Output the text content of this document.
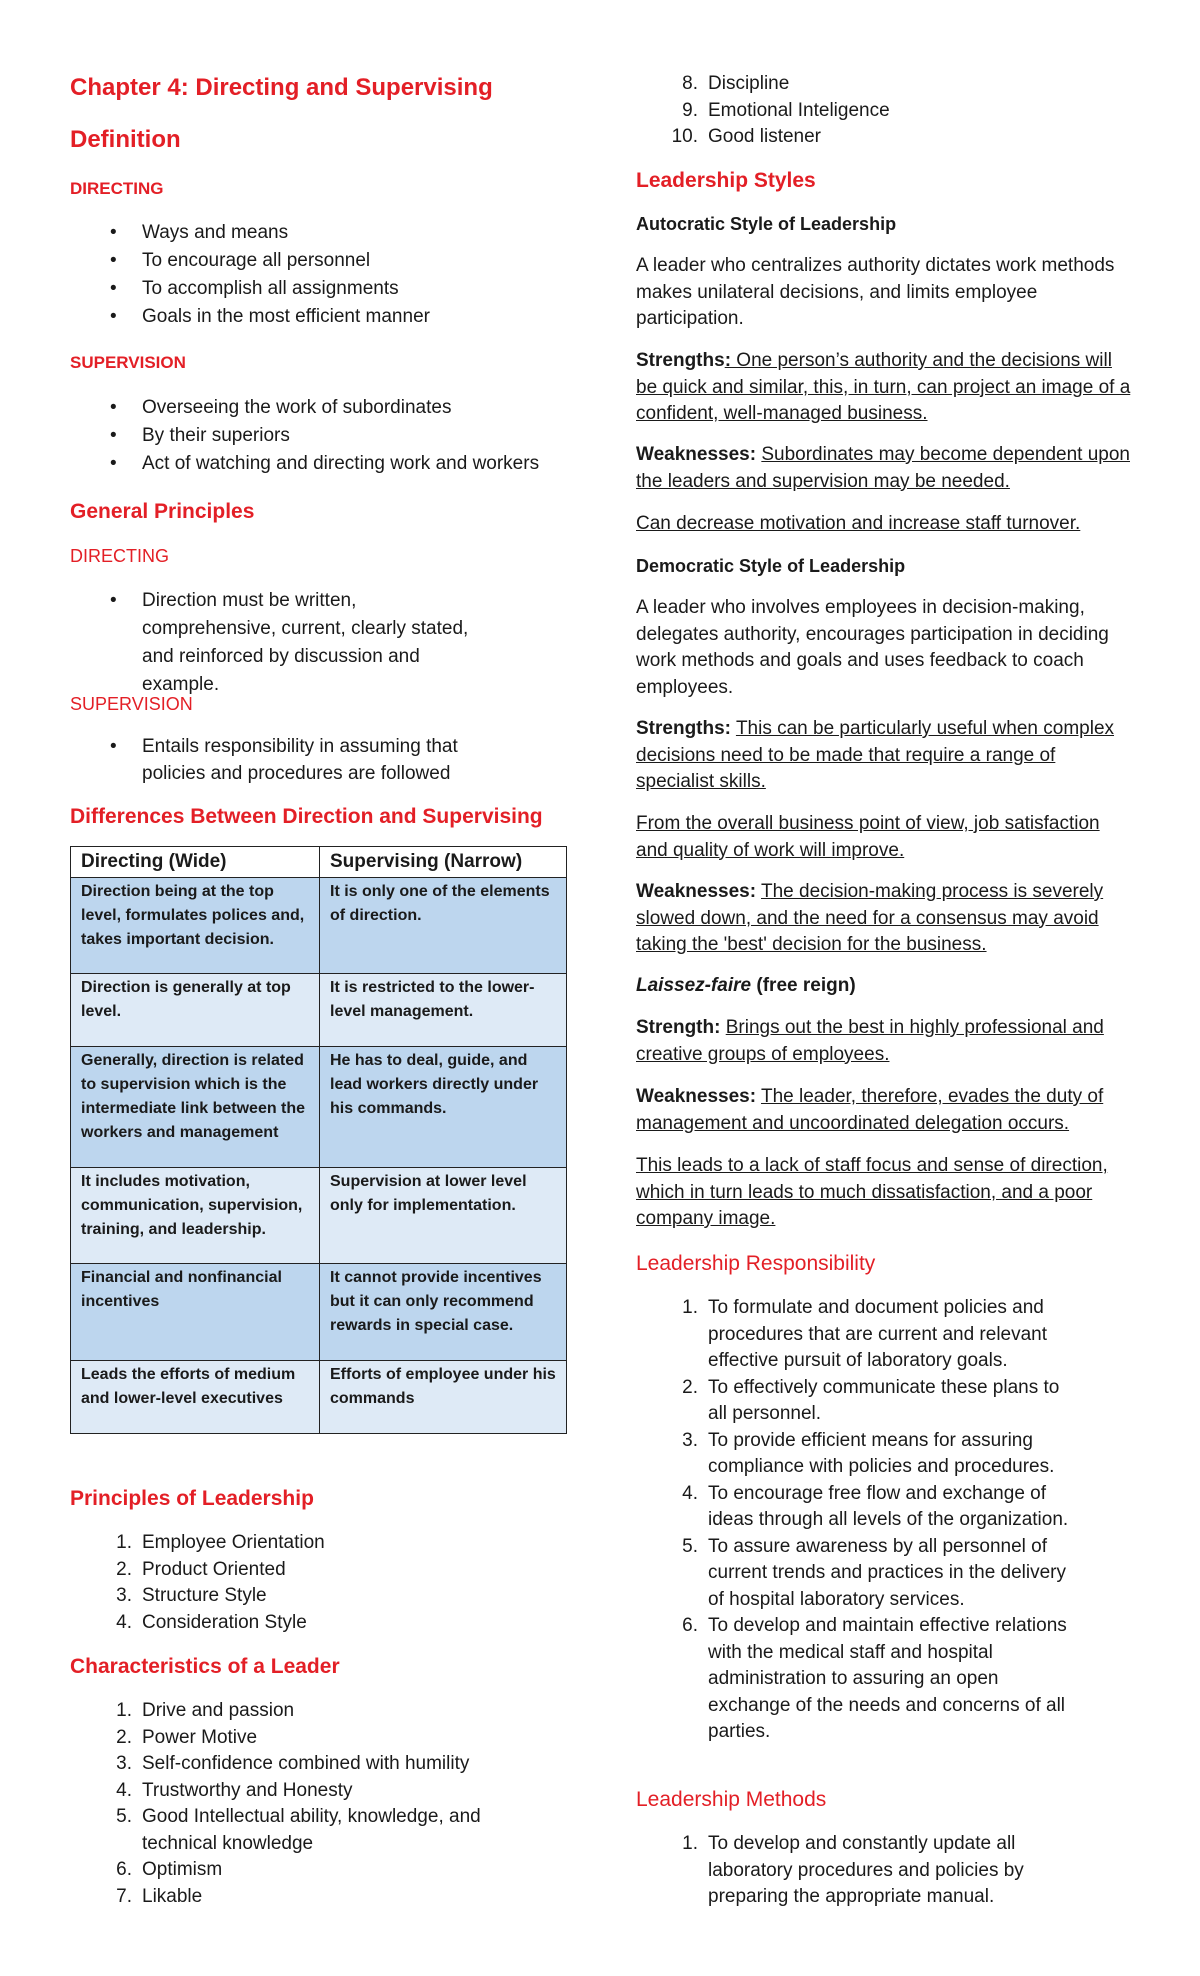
Chapter 4: Directing and Supervising
Definition
DIRECTING
• Ways and means
• To encourage all personnel
• To accomplish all assignments
• Goals in the most efficient manner
SUPERVISION
• Overseeing the work of subordinates
• By their superiors
• Act of watching and directing work and workers
General Principles
DIRECTING
• Direction must be written, comprehensive, current, clearly stated, and reinforced by discussion and example.
SUPERVISION
• Entails responsibility in assuming that policies and procedures are followed
Differences Between Direction and Supervising
Directing (Wide)	Supervising (Narrow)
Direction being at the top level, formulates polices and, takes important decision.	It is only one of the elements of direction.
Direction is generally at top level.	It is restricted to the lower-level management.
Generally, direction is related to supervision which is the intermediate link between the workers and management	He has to deal, guide, and lead workers directly under his commands.
It includes motivation, communication, supervision, training, and leadership.	Supervision at lower level only for implementation.
Financial and nonfinancial incentives	It cannot provide incentives but it can only recommend rewards in special case.
Leads the efforts of medium and lower-level executives	Efforts of employee under his commands
Principles of Leadership
1. Employee Orientation
2. Product Oriented
3. Structure Style
4. Consideration Style
Characteristics of a Leader
1. Drive and passion
2. Power Motive
3. Self-confidence combined with humility
4. Trustworthy and Honesty
5. Good Intellectual ability, knowledge, and technical knowledge
6. Optimism
7. Likable
8. Discipline
9. Emotional Inteligence
10. Good listener
Leadership Styles
Autocratic Style of Leadership

A leader who centralizes authority dictates work methods makes unilateral decisions, and limits employee participation.

Strengths: One person’s authority and the decisions will be quick and similar, this, in turn, can project an image of a confident, well-managed business.

Weaknesses: Subordinates may become dependent upon the leaders and supervision may be needed.

Can decrease motivation and increase staff turnover.

Democratic Style of Leadership

A leader who involves employees in decision-making, delegates authority, encourages participation in deciding work methods and goals and uses feedback to coach employees.

Strengths: This can be particularly useful when complex decisions need to be made that require a range of specialist skills.

From the overall business point of view, job satisfaction and quality of work will improve.

Weaknesses: The decision-making process is severely slowed down, and the need for a consensus may avoid taking the 'best' decision for the business.

Laissez-faire (free reign)

Strength: Brings out the best in highly professional and creative groups of employees.

Weaknesses: The leader, therefore, evades the duty of management and uncoordinated delegation occurs.

This leads to a lack of staff focus and sense of direction, which in turn leads to much dissatisfaction, and a poor company image.

Leadership Responsibility
1. To formulate and document policies and procedures that are current and relevant effective pursuit of laboratory goals.
2. To effectively communicate these plans to all personnel.
3. To provide efficient means for assuring compliance with policies and procedures.
4. To encourage free flow and exchange of ideas through all levels of the organization.
5. To assure awareness by all personnel of current trends and practices in the delivery of hospital laboratory services.
6. To develop and maintain effective relations with the medical staff and hospital administration to assuring an open exchange of the needs and concerns of all parties.
Leadership Methods
1. To develop and constantly update all laboratory procedures and policies by preparing the appropriate manual.
